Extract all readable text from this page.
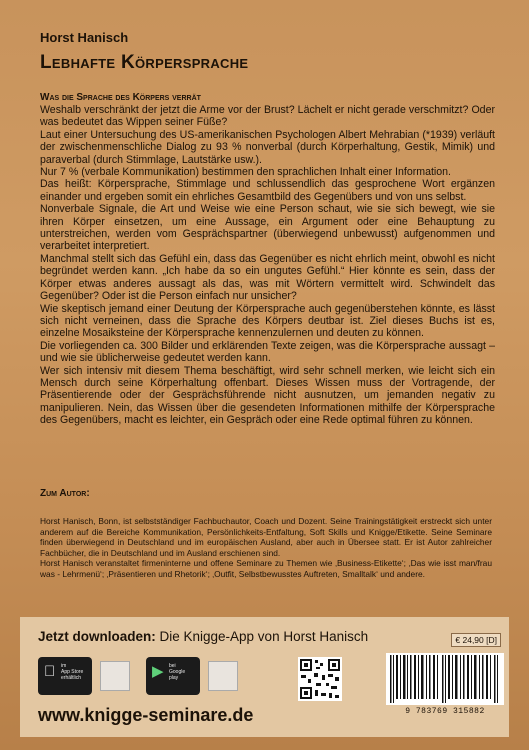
Horst Hanisch
Lebhafte Körpersprache
Was die Sprache des Körpers verrät

Weshalb verschränkt der jetzt die Arme vor der Brust? Lächelt er nicht gerade verschmitzt? Oder was bedeutet das Wippen seiner Füße?

Laut einer Untersuchung des US-amerikanischen Psychologen Albert Mehrabian (*1939) verläuft der zwischenmenschliche Dialog zu 93 % nonverbal (durch Körperhaltung, Gestik, Mimik) und paraverbal (durch Stimmlage, Lautstärke usw.).

Nur 7 % (verbale Kommunikation) bestimmen den sprachlichen Inhalt einer Information.

Das heißt: Körpersprache, Stimmlage und schlussendlich das gesprochene Wort ergänzen einander und ergeben somit ein ehrliches Gesamtbild des Gegenübers und von uns selbst.

Nonverbale Signale, die Art und Weise wie eine Person schaut, wie sie sich bewegt, wie sie ihren Körper einsetzen, um eine Aussage, ein Argument oder eine Behauptung zu unterstreichen, werden vom Gesprächspartner (überwiegend unbewusst) aufgenommen und verarbeitet interpretiert.

Manchmal stellt sich das Gefühl ein, dass das Gegenüber es nicht ehrlich meint, obwohl es nicht begründet werden kann. „Ich habe da so ein ungutes Gefühl.“ Hier könnte es sein, dass der Körper etwas anderes aussagt als das, was mit Wörtern vermittelt wird. Schwindelt das Gegenüber? Oder ist die Person einfach nur unsicher?

Wie skeptisch jemand einer Deutung der Körpersprache auch gegenüberstehen könnte, es lässt sich nicht verneinen, dass die Sprache des Körpers deutbar ist. Ziel dieses Buchs ist es, einzelne Mosaiksteine der Körpersprache kennenzulernen und deuten zu können.

Die vorliegenden ca. 300 Bilder und erklärenden Texte zeigen, was die Körpersprache aussagt – und wie sie üblicherweise gedeutet werden kann.

Wer sich intensiv mit diesem Thema beschäftigt, wird sehr schnell merken, wie leicht sich ein Mensch durch seine Körperhaltung offenbart. Dieses Wissen muss der Vortragende, der Präsentierende oder der Gesprächsführende nicht ausnutzen, um jemanden negativ zu manipulieren. Nein, das Wissen über die gesendeten Informationen mithilfe der Körpersprache des Gegenübers, macht es leichter, ein Gespräch oder eine Rede optimal führen zu können.

Zum Autor:

Horst Hanisch, Bonn, ist selbstständiger Fachbuchautor, Coach und Dozent. Seine Trainingstätigkeit erstreckt sich unter anderem auf die Bereiche Kommunikation, Persönlichkeits-Entfaltung, Soft Skills und Knigge/Etikette. Seine Seminare finden überwiegend in Deutschland und im europäischen Ausland, aber auch in Übersee statt. Er ist Autor zahlreicher Fachbücher, die in Deutschland und im Ausland erschienen sind.

Horst Hanisch veranstaltet firmeninterne und offene Seminare zu Themen wie ‚Business-Etikette‘; ‚Das wie isst man/frau was - Lehrmenü‘; ‚Präsentieren und Rhetorik‘; ‚Outfit, Selbstbewusstes Auftreten, Smalltalk‘ und andere.

Jetzt downloaden: Die Knigge-App von Horst Hanisch	€ 24,90 [D]
im
App Store
erhältlich	▶ bei
Google
play
9 783769 315882
www.knigge-seminare.de
